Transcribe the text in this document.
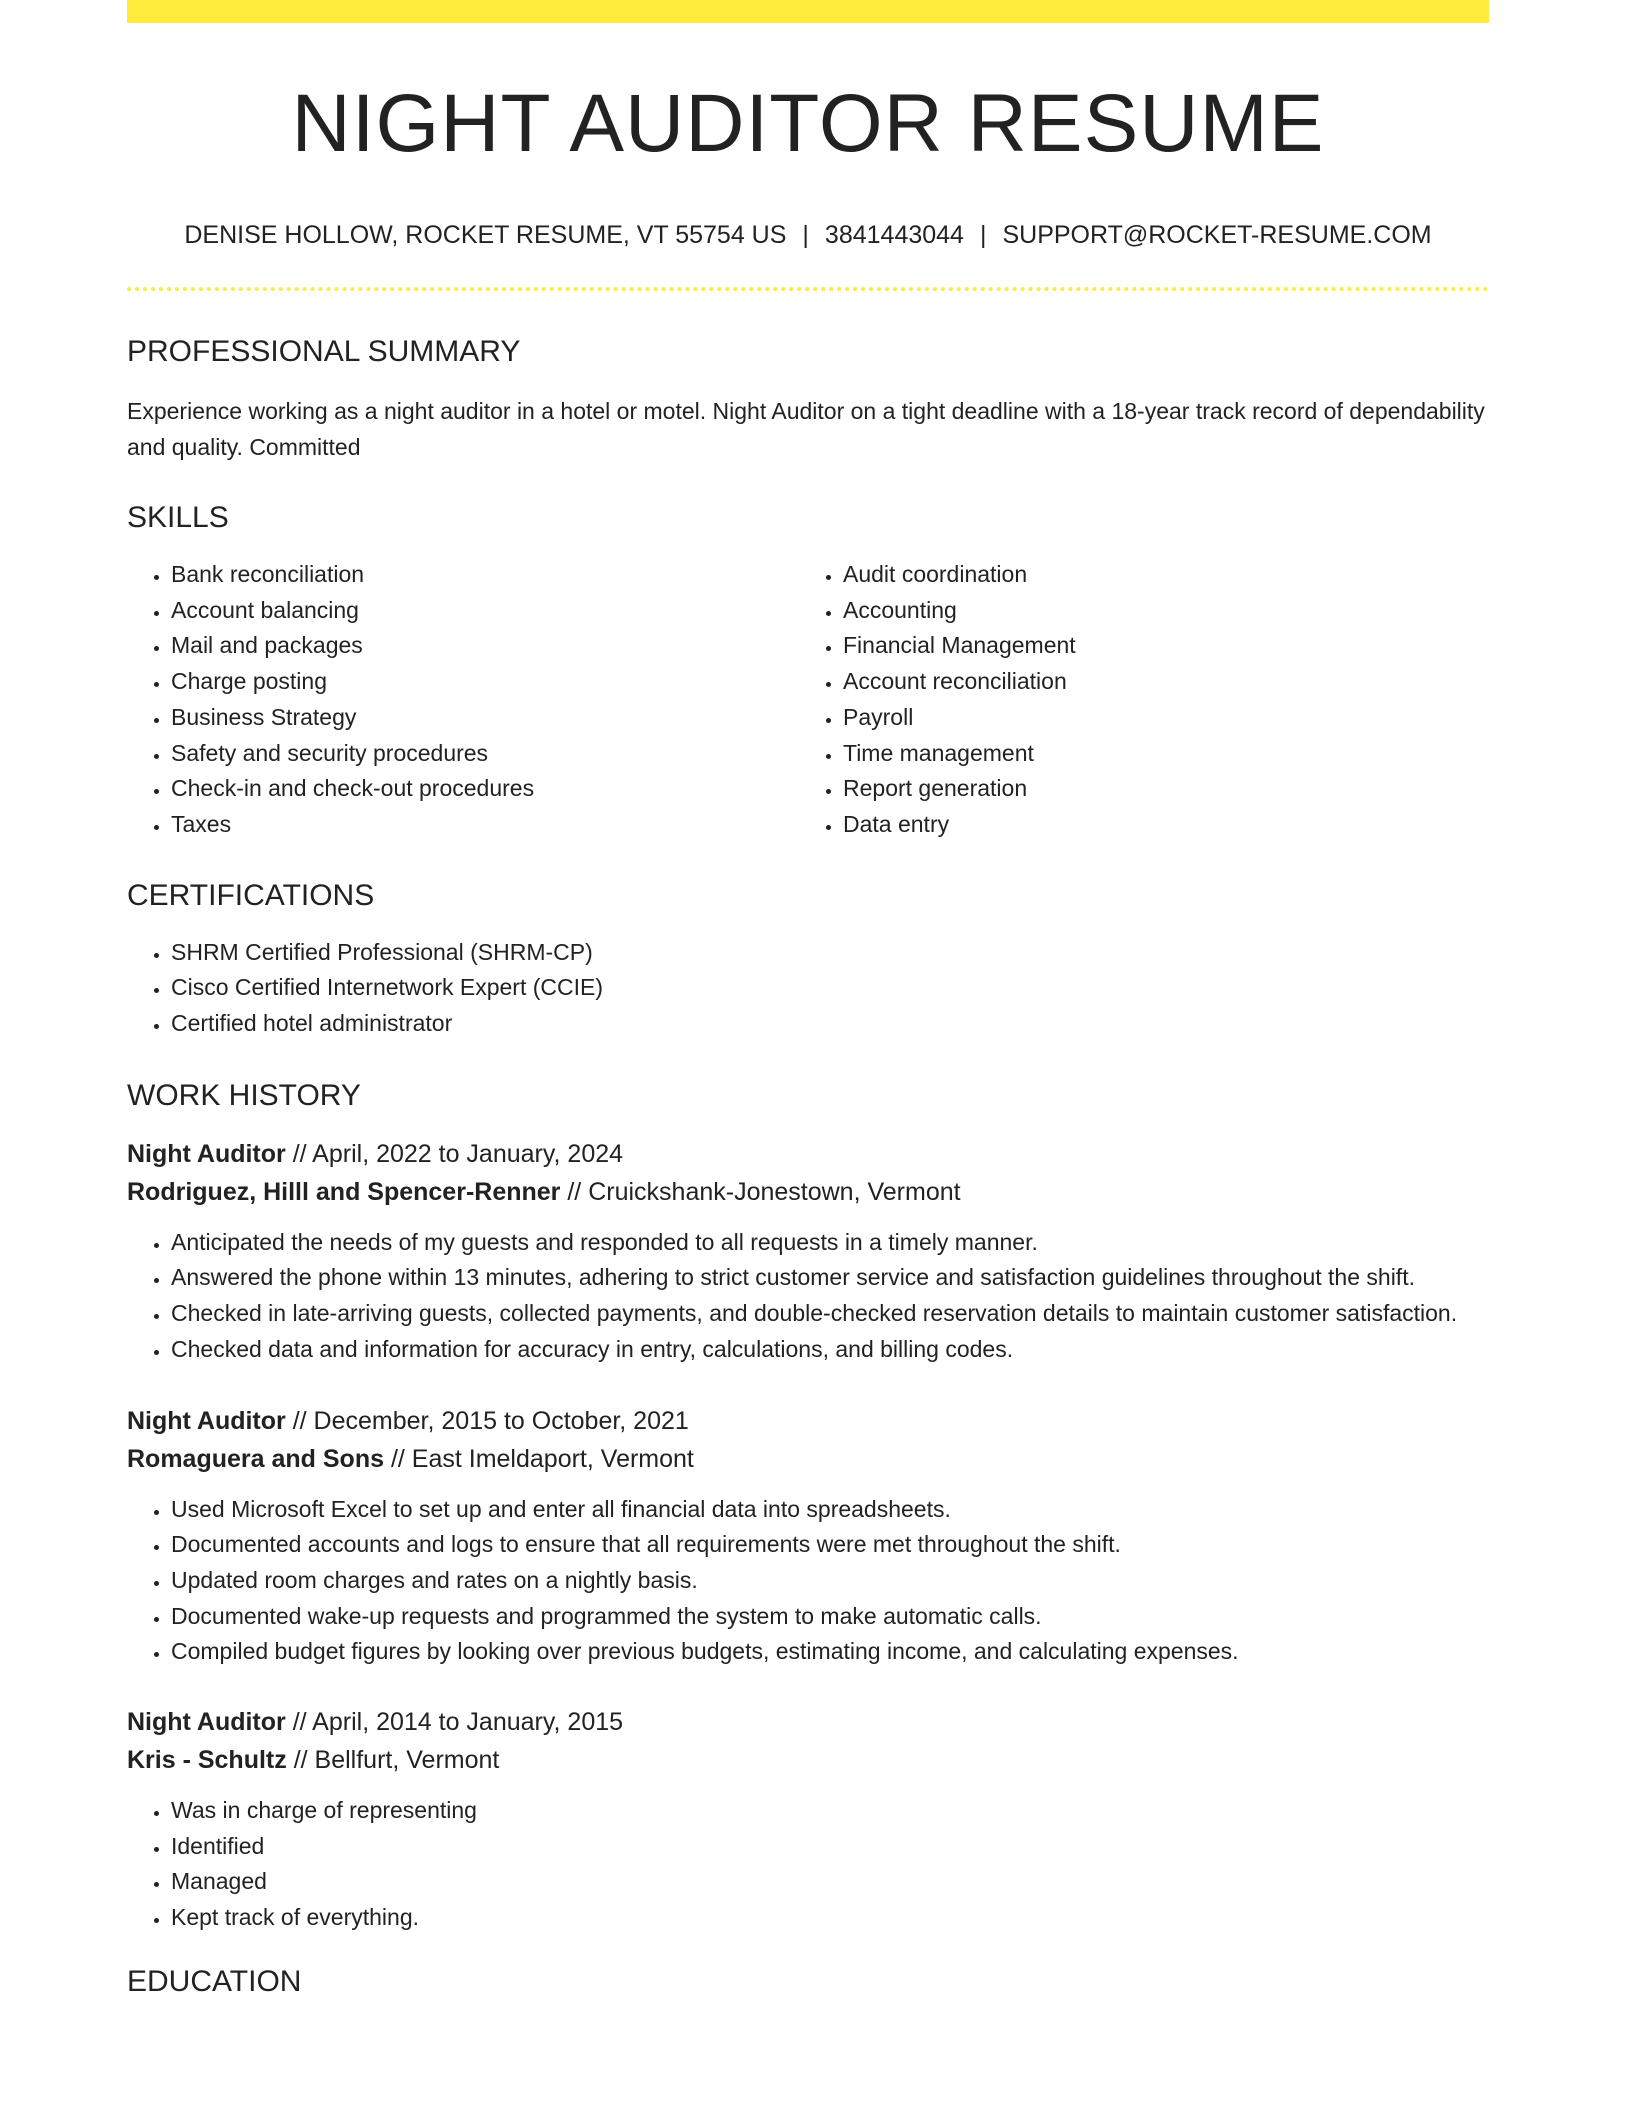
NIGHT AUDITOR RESUME
DENISE HOLLOW, ROCKET RESUME, VT 55754 US | 3841443044 | SUPPORT@ROCKET-RESUME.COM
PROFESSIONAL SUMMARY

Experience working as a night auditor in a hotel or motel. Night Auditor on a tight deadline with a 18-year track record of dependability and quality. Committed

SKILLS
• Bank reconciliation
• Account balancing
• Mail and packages
• Charge posting
• Business Strategy
• Safety and security procedures
• Check-in and check-out procedures
• Taxes
• Audit coordination
• Accounting
• Financial Management
• Account reconciliation
• Payroll
• Time management
• Report generation
• Data entry
CERTIFICATIONS
• SHRM Certified Professional (SHRM-CP)
• Cisco Certified Internetwork Expert (CCIE)
• Certified hotel administrator
WORK HISTORY
Night Auditor // April, 2022 to January, 2024
Rodriguez, Hilll and Spencer-Renner // Cruickshank-Jonestown, Vermont
• Anticipated the needs of my guests and responded to all requests in a timely manner.
• Answered the phone within 13 minutes, adhering to strict customer service and satisfaction guidelines throughout the shift.
• Checked in late-arriving guests, collected payments, and double-checked reservation details to maintain customer satisfaction.
• Checked data and information for accuracy in entry, calculations, and billing codes.
Night Auditor // December, 2015 to October, 2021
Romaguera and Sons // East Imeldaport, Vermont
• Used Microsoft Excel to set up and enter all financial data into spreadsheets.
• Documented accounts and logs to ensure that all requirements were met throughout the shift.
• Updated room charges and rates on a nightly basis.
• Documented wake-up requests and programmed the system to make automatic calls.
• Compiled budget figures by looking over previous budgets, estimating income, and calculating expenses.
Night Auditor // April, 2014 to January, 2015
Kris - Schultz // Bellfurt, Vermont
• Was in charge of representing
• Identified
• Managed
• Kept track of everything.
EDUCATION
